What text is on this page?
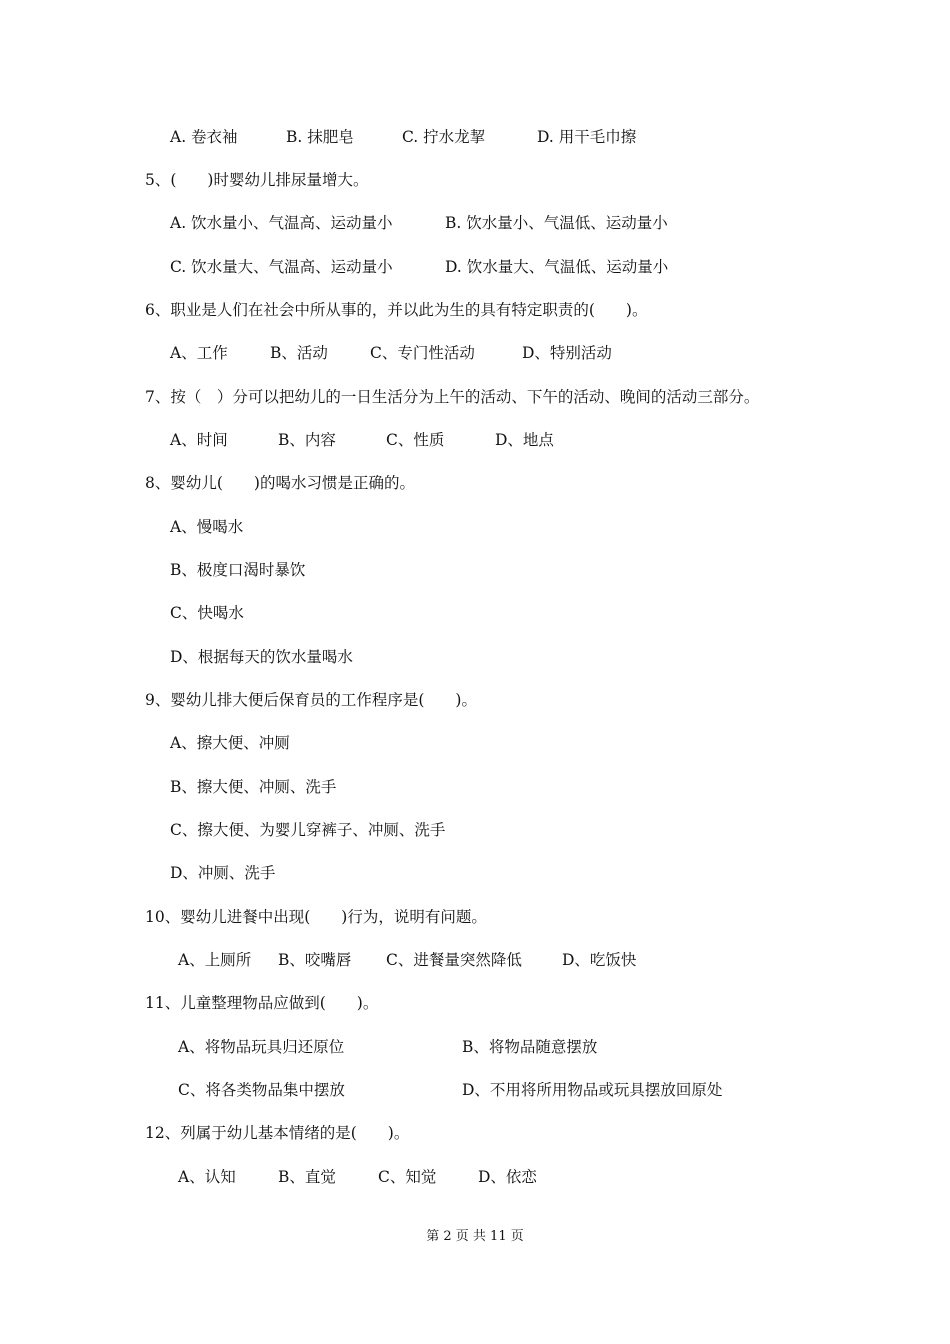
A. 卷衣袖	B. 抹肥皂	C. 拧水龙挈	D. 用干毛巾擦
5、(　　)时婴幼儿排尿量增大。
A. 饮水量小、气温高、运动量小	B. 饮水量小、气温低、运动量小
C. 饮水量大、气温高、运动量小	D. 饮水量大、气温低、运动量小
6、职业是人们在社会中所从事的，并以此为生的具有特定职责的(　　)。
A、工作	B、活动	C、专门性活动	D、特别活动
7、按（　）分可以把幼儿的一日生活分为上午的活动、下午的活动、晚间的活动三部分。
A、时间	B、内容	C、性质	D、地点
8、婴幼儿(　　)的喝水习惯是正确的。
A、慢喝水
B、极度口渴时暴饮
C、快喝水
D、根据每天的饮水量喝水
9、婴幼儿排大便后保育员的工作程序是(　　)。
A、擦大便、冲厕
B、擦大便、冲厕、洗手
C、擦大便、为婴儿穿裤子、冲厕、洗手
D、冲厕、洗手
10、婴幼儿进餐中出现(　　)行为，说明有问题。
A、上厕所 B、咬嘴唇 C、进餐量突然降低	D、吃饭快
11、儿童整理物品应做到(　　)。
A、将物品玩具归还原位	B、将物品随意摆放
C、将各类物品集中摆放	D、不用将所用物品或玩具摆放回原处
12、列属于幼儿基本情绪的是(　　)。
A、认知	B、直觉	C、知觉	D、依恋
第 2 页 共 11 页
